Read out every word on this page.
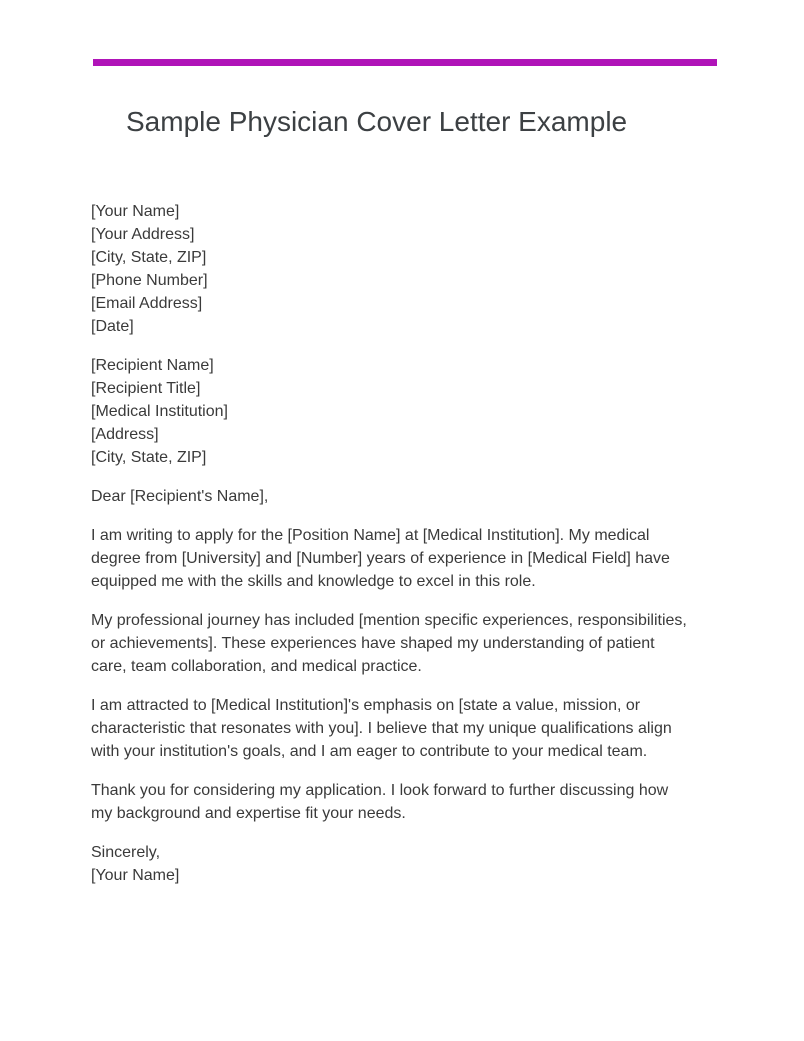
Sample Physician Cover Letter Example
[Your Name]
[Your Address]
[City, State, ZIP]
[Phone Number]
[Email Address]
[Date]
[Recipient Name]
[Recipient Title]
[Medical Institution]
[Address]
[City, State, ZIP]

Dear [Recipient's Name],

I am writing to apply for the [Position Name] at [Medical Institution]. My medical degree from [University] and [Number] years of experience in [Medical Field] have equipped me with the skills and knowledge to excel in this role.

My professional journey has included [mention specific experiences, responsibilities, or achievements]. These experiences have shaped my understanding of patient care, team collaboration, and medical practice.

I am attracted to [Medical Institution]'s emphasis on [state a value, mission, or characteristic that resonates with you]. I believe that my unique qualifications align with your institution's goals, and I am eager to contribute to your medical team.

Thank you for considering my application. I look forward to further discussing how my background and expertise fit your needs.

Sincerely,
[Your Name]
